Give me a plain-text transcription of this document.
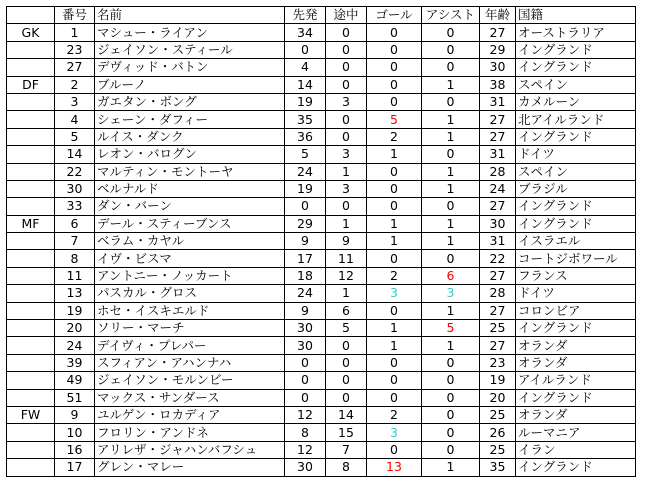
	番号	名前	先発	途中	ゴール	アシスト	年齢	国籍
GK	1	マシュー・ライアン	34	0	0	0	27	オーストラリア
	23	ジェイソン・スティール	0	0	0	0	29	イングランド
	27	デヴィッド・バトン	4	0	0	0	30	イングランド
DF	2	ブルーノ	14	0	0	1	38	スペイン
	3	ガエタン・ボング	19	3	0	0	31	カメルーン
	4	シェーン・ダフィー	35	0	5	1	27	北アイルランド
	5	ルイス・ダンク	36	0	2	1	27	イングランド
	14	レオン・バログン	5	3	1	0	31	ドイツ
	22	マルティン・モントーヤ	24	1	0	1	28	スペイン
	30	ベルナルド	19	3	0	1	24	ブラジル
	33	ダン・バーン	0	0	0	0	27	イングランド
MF	6	デール・スティーブンス	29	1	1	1	30	イングランド
	7	ベラム・カヤル	9	9	1	1	31	イスラエル
	8	イヴ・ビスマ	17	11	0	0	22	コートジボワール
	11	アントニー・ノッカート	18	12	2	6	27	フランス
	13	パスカル・グロス	24	1	3	3	28	ドイツ
	19	ホセ・イスキエルド	9	6	0	1	27	コロンビア
	20	ソリー・マーチ	30	5	1	5	25	イングランド
	24	デイヴィ・プレパー	30	0	1	1	27	オランダ
	39	スフィアン・アハンナハ	0	0	0	0	23	オランダ
	49	ジェイソン・モルンビー	0	0	0	0	19	アイルランド
	51	マックス・サンダース	0	0	0	0	20	イングランド
FW	9	ユルゲン・ロカディア	12	14	2	0	25	オランダ
	10	フロリン・アンドネ	8	15	3	0	26	ルーマニア
	16	アリレザ・ジャハンバフシュ	12	7	0	0	25	イラン
	17	グレン・マレー	30	8	13	1	35	イングランド
